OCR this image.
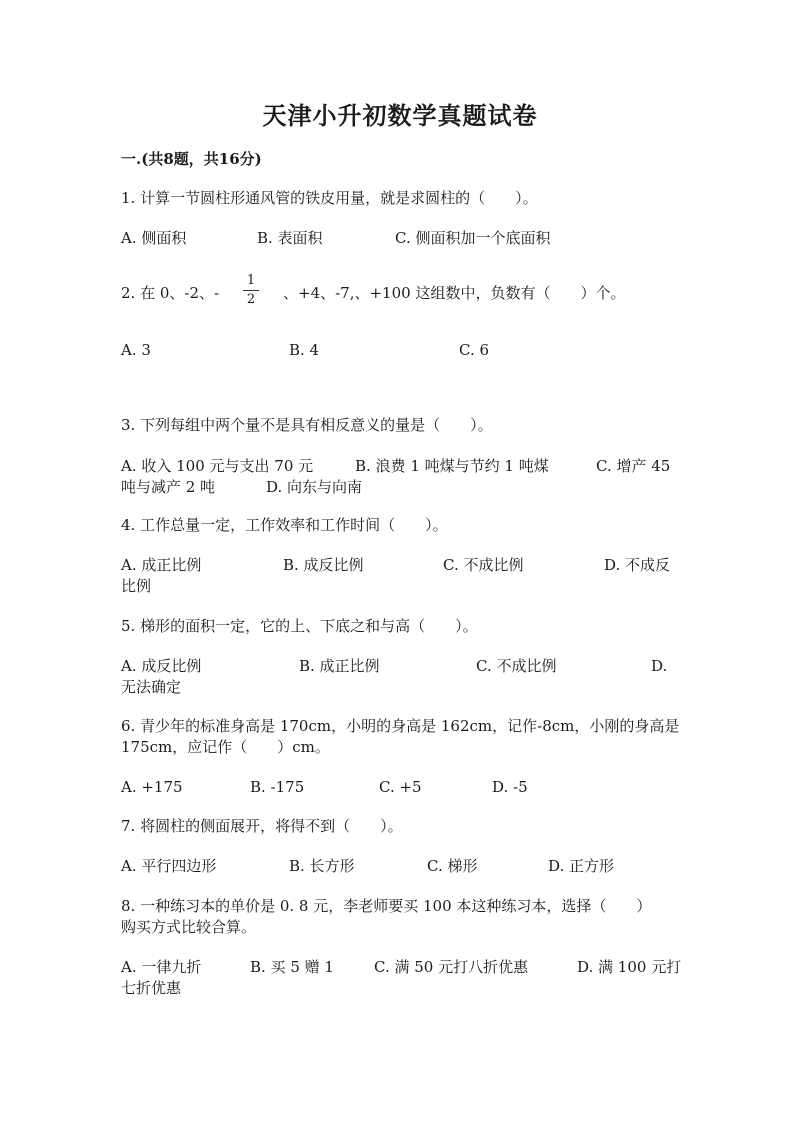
天津小升初数学真题试卷
一.(共8题，共16分)
1. 计算一节圆柱形通风管的铁皮用量，就是求圆柱的（　　）。
A. 侧面积	B. 表面积	C. 侧面积加一个底面积
2. 在 0、-2、-
1
2 、+4、-7,、+100 这组数中，负数有（　　）个。
A. 3	B. 4	C. 6
3. 下列每组中两个量不是具有相反意义的量是（　　）。
A. 收入 100 元与支出 70 元	B. 浪费 1 吨煤与节约 1 吨煤	C. 增产 45
吨与减产 2 吨	D. 向东与向南
4. 工作总量一定，工作效率和工作时间（　　）。
A. 成正比例	B. 成反比例	C. 不成比例	D. 不成反
比例
5. 梯形的面积一定，它的上、下底之和与高（　　）。
A. 成反比例	B. 成正比例	C. 不成比例	D.
无法确定
6. 青少年的标准身高是 170cm，小明的身高是 162cm，记作-8cm，小刚的身高是
175cm，应记作（　　）cm。
A. +175	B. -175	C. +5	D. -5
7. 将圆柱的侧面展开，将得不到（　　）。
A. 平行四边形	B. 长方形	C. 梯形	D. 正方形
8. 一种练习本的单价是 0. 8 元，李老师要买 100 本这种练习本，选择（　　）
购买方式比较合算。
A. 一律九折	B. 买 5 赠 1	C. 满 50 元打八折优惠	D. 满 100 元打
七折优惠
